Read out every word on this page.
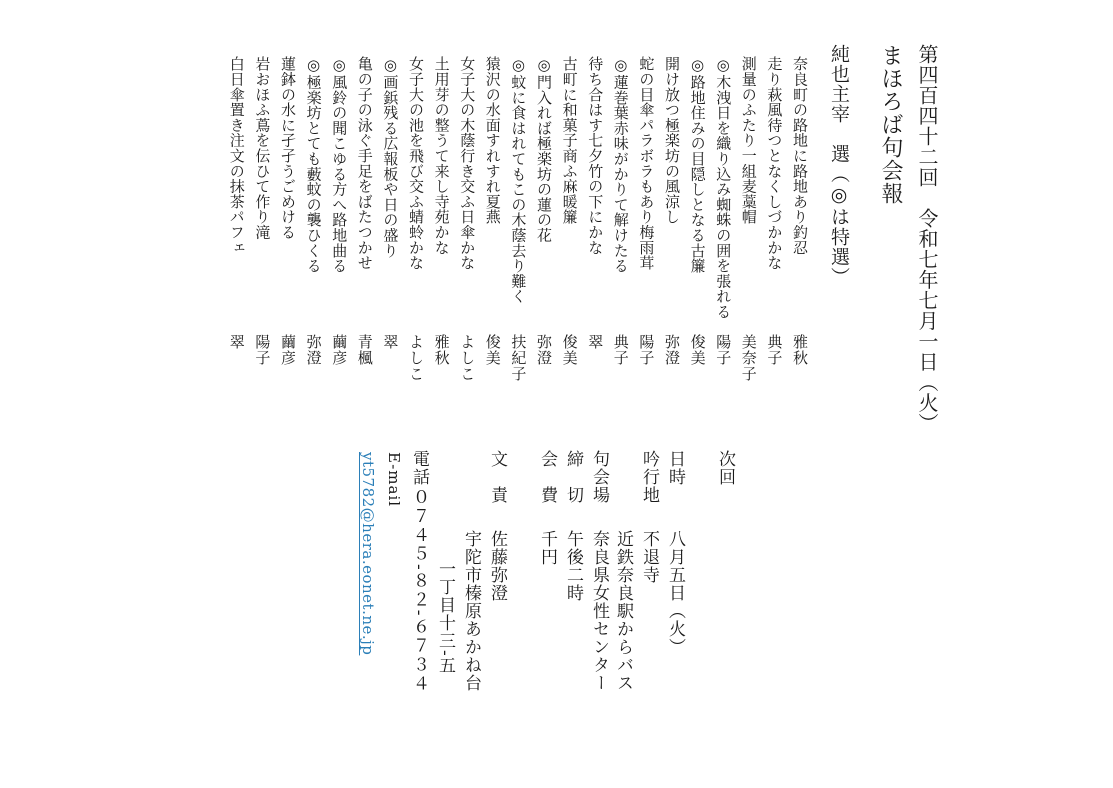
第四百四十二回　令和七年七月一日（火）
まほろば句会報
純也主宰　選（◎は特選）
奈良町の路地に路地あり釣忍
雅秋
走り萩風待つとなくしづかかな
典子
測量のふたり一組麦藁帽
美奈子
◎木洩日を織り込み蜘蛛の囲を張れる
陽子
◎路地住みの目隠しとなる古簾
俊美
開け放つ極楽坊の風涼し
弥澄
蛇の目傘パラボラもあり梅雨茸
陽子
◎蓮巻葉赤味がかりて解けたる
典子
待ち合はす七夕竹の下にかな
翠
古町に和菓子商ふ麻暖簾
俊美
◎門入れば極楽坊の蓮の花
弥澄
◎蚊に食はれてもこの木蔭去り難く
扶紀子
猿沢の水面すれすれ夏燕
俊美
女子大の木蔭行き交ふ日傘かな
よしこ
土用芽の整うて来し寺苑かな
雅秋
女子大の池を飛び交ふ蜻蛉かな
よしこ
◎画鋲残る広報板や日の盛り
翠
亀の子の泳ぐ手足をばたつかせ
青楓
◎風鈴の聞こゆる方へ路地曲る
繭彦
◎極楽坊とても藪蚊の襲ひくる
弥澄
蓮鉢の水に孑孑うごめける
繭彦
岩おほふ蔦を伝ひて作り滝
陽子
白日傘置き注文の抹茶パフェ
翠
次回
日時
八月五日（火）
吟行地
不退寺
近鉄奈良駅からバス
句会場
奈良県女性センター
締　切
午後二時
会　費
千円
文　責
佐藤弥澄
宇陀市榛原あかね台
一丁目十三-五
電話
０７４５-８２-６７３４
E-mail
yt5782@hera.eonet.ne.jp
